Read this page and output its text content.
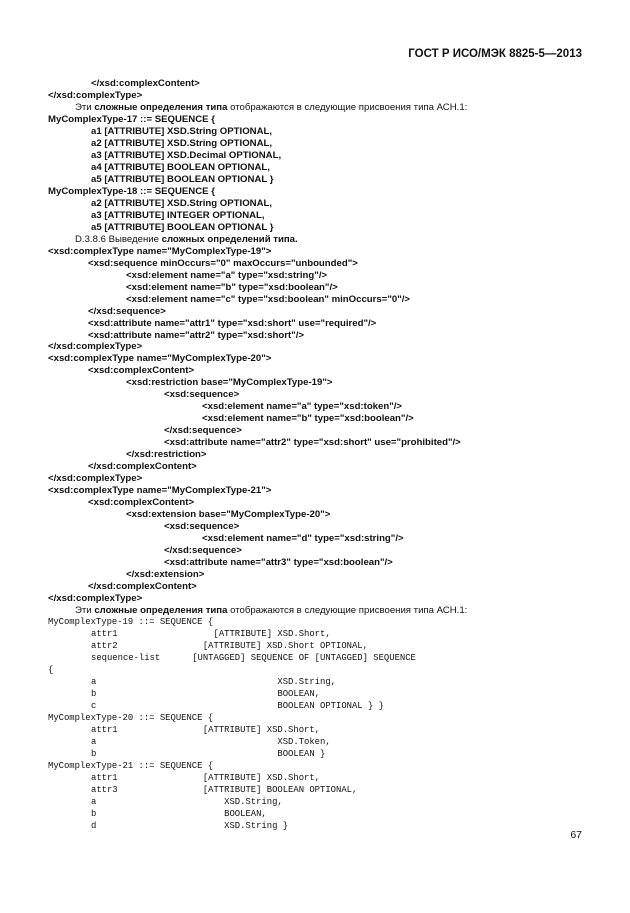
ГОСТ Р ИСО/МЭК 8825-5—2013
</xsd:complexContent>
</xsd:complexType>
Эти сложные определения типа отображаются в следующие присвоения типа АСН.1:
MyComplexType-17 ::= SEQUENCE {
a1 [ATTRIBUTE] XSD.String OPTIONAL,
a2 [ATTRIBUTE] XSD.String OPTIONAL,
a3 [ATTRIBUTE] XSD.Decimal OPTIONAL,
a4 [ATTRIBUTE] BOOLEAN OPTIONAL,
a5 [ATTRIBUTE] BOOLEAN OPTIONAL }
MyComplexType-18 ::= SEQUENCE {
a2 [ATTRIBUTE] XSD.String OPTIONAL,
a3 [ATTRIBUTE] INTEGER OPTIONAL,
a5 [ATTRIBUTE] BOOLEAN OPTIONAL }
D.3.8.6 Выведение сложных определений типа.
<xsd:complexType name="MyComplexType-19">
<xsd:sequence minOccurs="0" maxOccurs="unbounded">
<xsd:element name="a" type="xsd:string"/>
<xsd:element name="b" type="xsd:boolean"/>
<xsd:element name="c" type="xsd:boolean" minOccurs="0"/>
</xsd:sequence>
<xsd:attribute name="attr1" type="xsd:short" use="required"/>
<xsd:attribute name="attr2" type="xsd:short"/>
</xsd:complexType>
<xsd:complexType name="MyComplexType-20">
<xsd:complexContent>
<xsd:restriction base="MyComplexType-19">
<xsd:sequence>
<xsd:element name="a" type="xsd:token"/>
<xsd:element name="b" type="xsd:boolean"/>
</xsd:sequence>
<xsd:attribute name="attr2" type="xsd:short" use="prohibited"/>
</xsd:restriction>
</xsd:complexContent>
</xsd:complexType>
<xsd:complexType name="MyComplexType-21">
<xsd:complexContent>
<xsd:extension base="MyComplexType-20">
<xsd:sequence>
<xsd:element name="d" type="xsd:string"/>
</xsd:sequence>
<xsd:attribute name="attr3" type="xsd:boolean"/>
</xsd:extension>
</xsd:complexContent>
</xsd:complexType>
Эти сложные определения типа отображаются в следующие присвоения типа АСН.1:
MyComplexType-19 ::= SEQUENCE {
attr1                  [ATTRIBUTE] XSD.Short,
attr2                [ATTRIBUTE] XSD.Short OPTIONAL,
sequence-list      [UNTAGGED] SEQUENCE OF [UNTAGGED] SEQUENCE
{
a                                  XSD.String,
b                                  BOOLEAN,
c                                  BOOLEAN OPTIONAL } }
MyComplexType-20 ::= SEQUENCE {
attr1                [ATTRIBUTE] XSD.Short,
a                                  XSD.Token,
b                                  BOOLEAN }
MyComplexType-21 ::= SEQUENCE {
attr1                [ATTRIBUTE] XSD.Short,
attr3                [ATTRIBUTE] BOOLEAN OPTIONAL,
a                        XSD.String,
b                        BOOLEAN,
d                        XSD.String }
67
